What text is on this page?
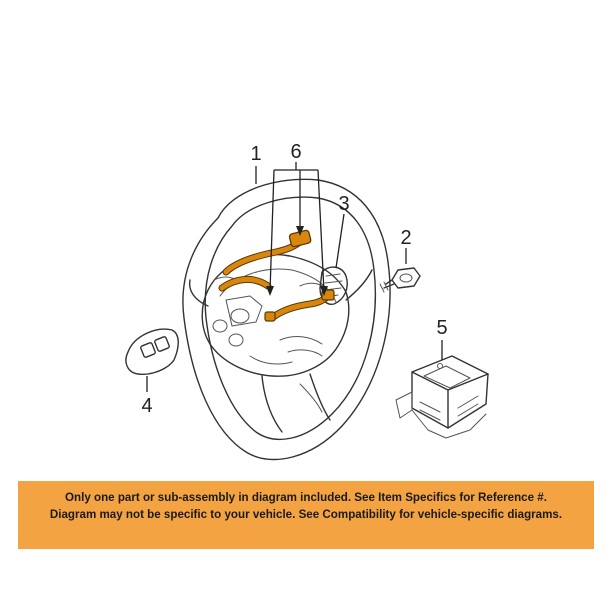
1
2
3
4
5
6
Only one part or sub-assembly in diagram included. See Item Specifics for Reference #.
Diagram may not be specific to your vehicle. See Compatibility for vehicle-specific diagrams.
